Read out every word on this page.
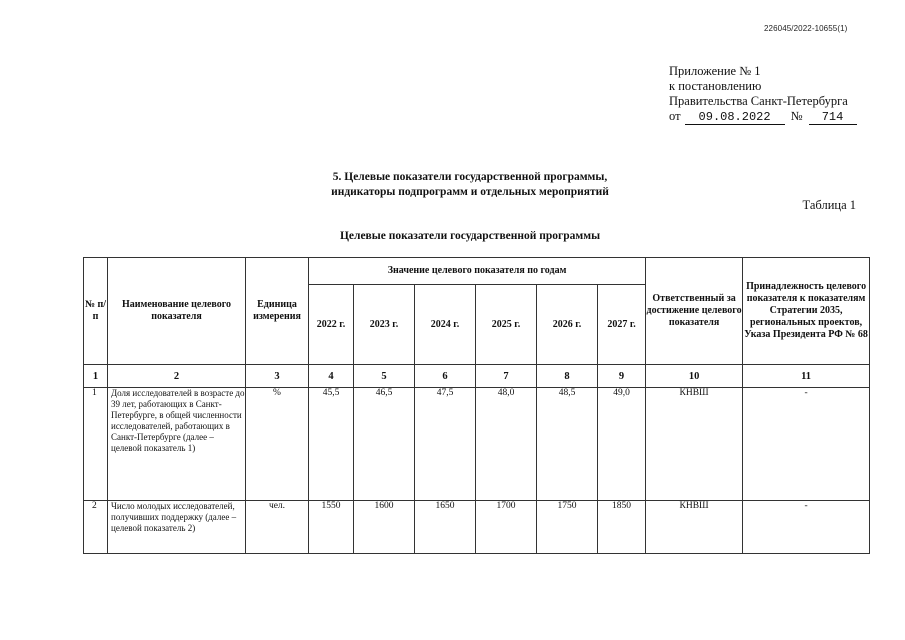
226045/2022-10655(1)
Приложение № 1
к постановлению
Правительства Санкт-Петербурга
от 09.08.2022 № 714
5. Целевые показатели государственной программы,
индикаторы подпрограмм и отдельных мероприятий
Таблица 1
Целевые показатели государственной программы
№ п/п	Наименование целевого показателя	Единица измерения	Значение целевого показателя по годам						Ответственный за достижение целевого показателя	Принадлежность целевого показателя к показателям Стратегии 2035, региональных проектов, Указа Президента РФ № 68
			2022 г.	2023 г.	2024 г.	2025 г.	2026 г.	2027 г.		
1	2	3	4	5	6	7	8	9	10	11
1	Доля исследователей в возрасте до 39 лет, работающих в Санкт-Петербурге, в общей численности исследователей, работающих в Санкт-Петербурге (далее – целевой показатель 1)	%	45,5	46,5	47,5	48,0	48,5	49,0	КНВШ	-
2	Число молодых исследователей, получивших поддержку (далее – целевой показатель 2)	чел.	1550	1600	1650	1700	1750	1850	КНВШ	-
